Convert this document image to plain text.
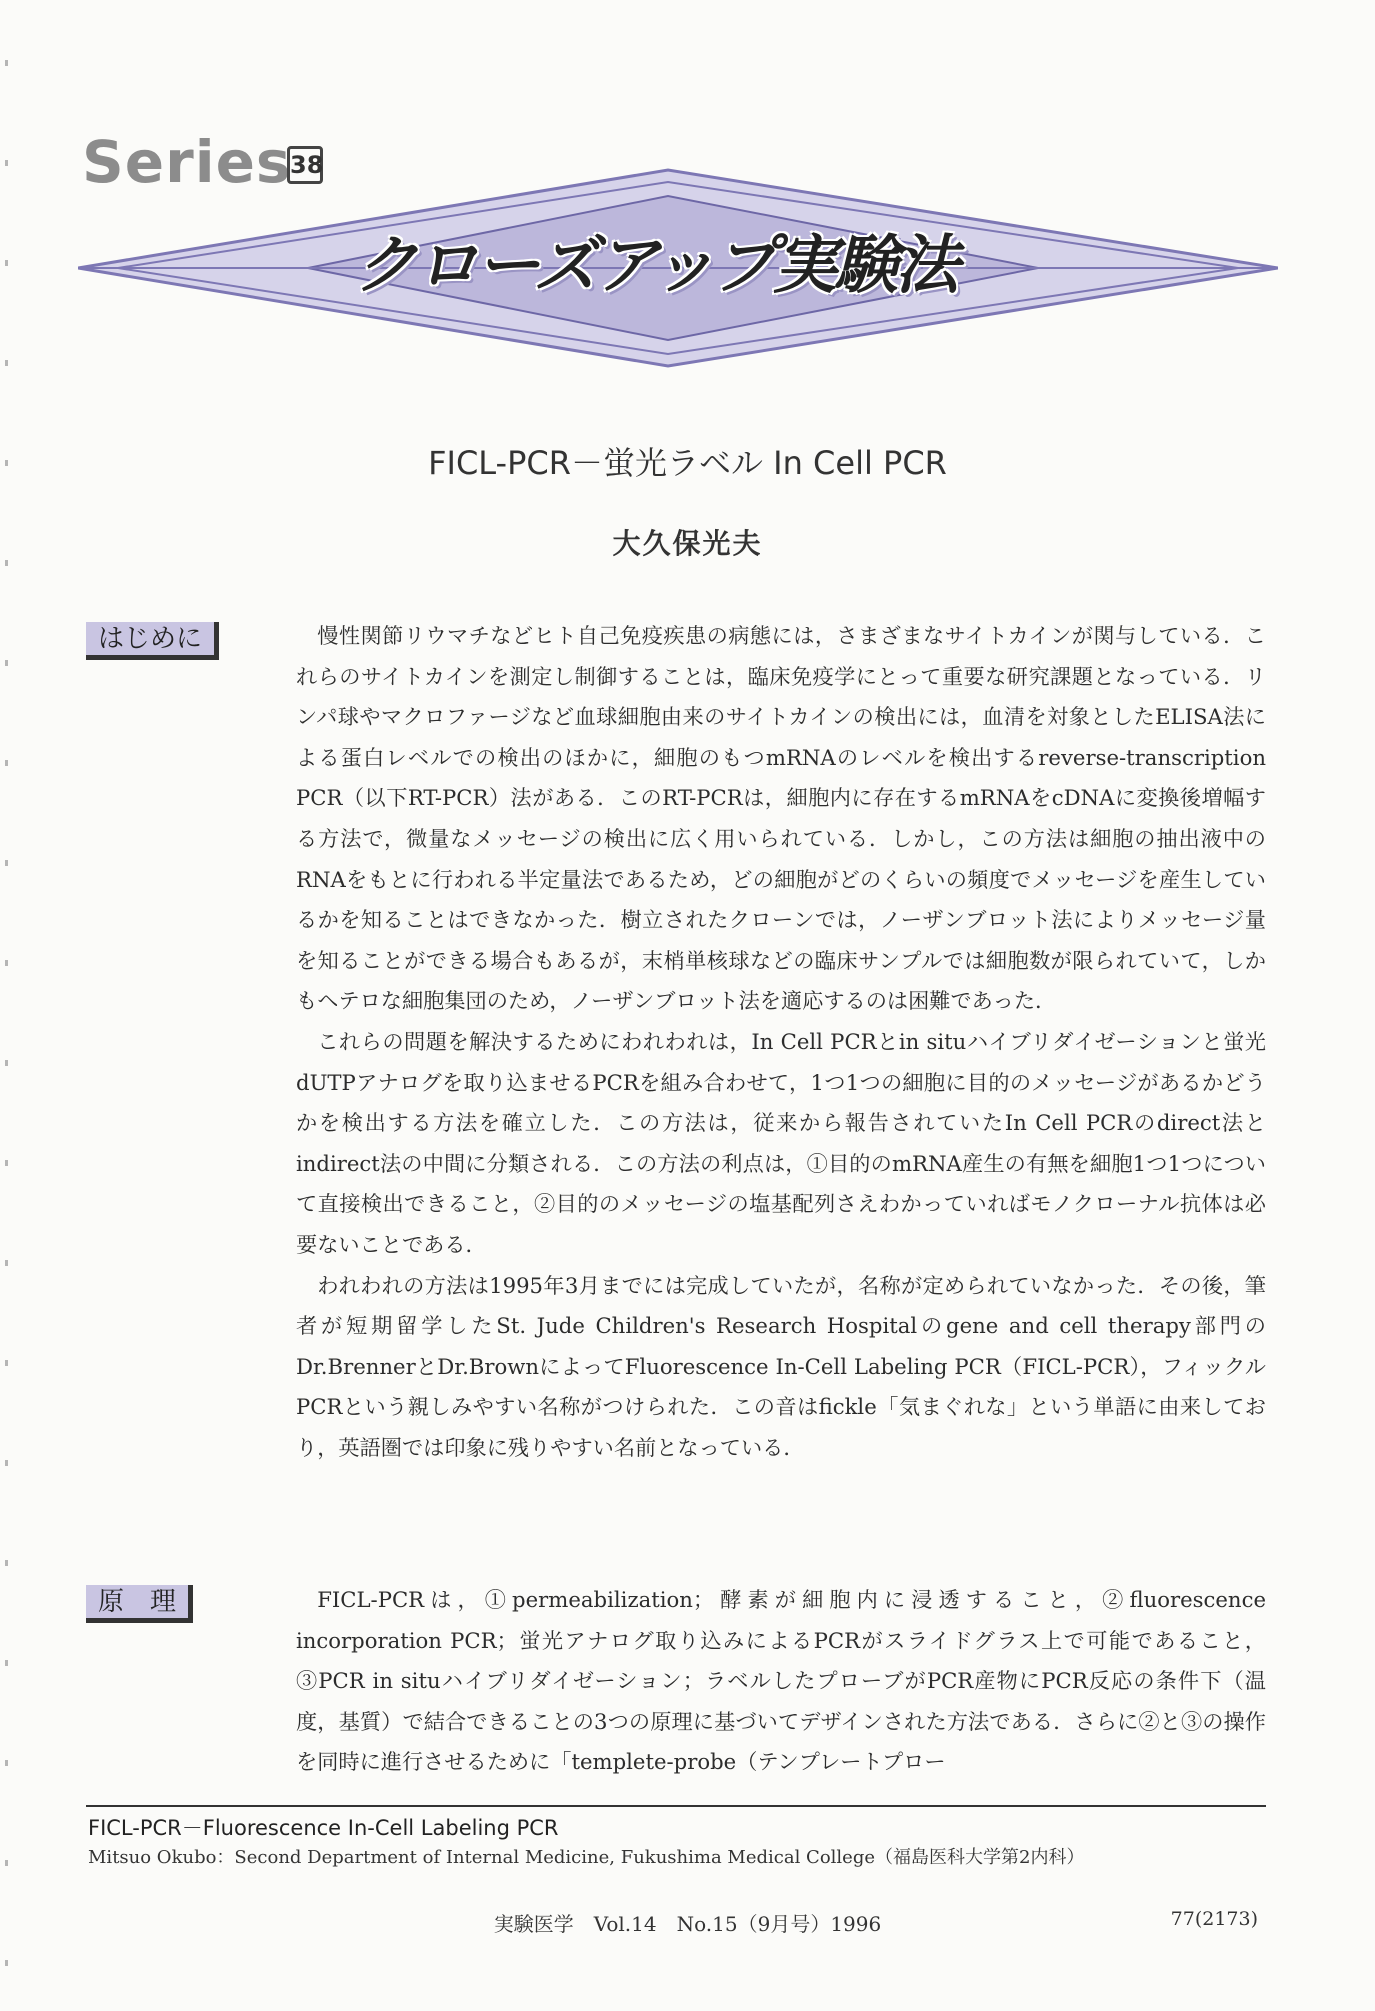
Series
38
クローズアップ実験法
FICL-PCR－蛍光ラベル In Cell PCR
大久保光夫
はじめに	慢性関節リウマチなどヒト自己免疫疾患の病態には，さまざまなサイトカインが関与している．これらのサイトカインを測定し制御することは，臨床免疫学にとって重要な研究課題となっている．リンパ球やマクロファージなど血球細胞由来のサイトカインの検出には，血清を対象としたELISA法による蛋白レベルでの検出のほかに，細胞のもつmRNAのレベルを検出するreverse-transcription PCR（以下RT-PCR）法がある．このRT-PCRは，細胞内に存在するmRNAをcDNAに変換後増幅する方法で，微量なメッセージの検出に広く用いられている．しかし，この方法は細胞の抽出液中のRNAをもとに行われる半定量法であるため，どの細胞がどのくらいの頻度でメッセージを産生しているかを知ることはできなかった．樹立されたクローンでは，ノーザンブロット法によりメッセージ量を知ることができる場合もあるが，末梢単核球などの臨床サンプルでは細胞数が限られていて，しかもヘテロな細胞集団のため，ノーザンブロット法を適応するのは困難であった．

これらの問題を解決するためにわれわれは，In Cell PCRとin situハイブリダイゼーションと蛍光dUTPアナログを取り込ませるPCRを組み合わせて，1つ1つの細胞に目的のメッセージがあるかどうかを検出する方法を確立した．この方法は，従来から報告されていたIn Cell PCRのdirect法とindirect法の中間に分類される．この方法の利点は，①目的のmRNA産生の有無を細胞1つ1つについて直接検出できること，②目的のメッセージの塩基配列さえわかっていればモノクローナル抗体は必要ないことである．

われわれの方法は1995年3月までには完成していたが，名称が定められていなかった．その後，筆者が短期留学したSt. Jude Children's Research Hospitalのgene and cell therapy部門のDr.BrennerとDr.BrownによってFluorescence In-Cell Labeling PCR（FICL-PCR），フィックルPCRという親しみやすい名称がつけられた．この音はfickle「気まぐれな」という単語に由来しており，英語圏では印象に残りやすい名前となっている．

原　理	FICL-PCRは，①permeabilization；酵素が細胞内に浸透すること，②fluorescence incorporation PCR；蛍光アナログ取り込みによるPCRがスライドグラス上で可能であること，③PCR in situハイブリダイゼーション；ラベルしたプローブがPCR産物にPCR反応の条件下（温度，基質）で結合できることの3つの原理に基づいてデザインされた方法である．さらに②と③の操作を同時に進行させるために「templete-probe（テンプレートプロー

FICL-PCR－Fluorescence In-Cell Labeling PCR
Mitsuo Okubo：Second Department of Internal Medicine, Fukushima Medical College（福島医科大学第2内科）
実験医学　Vol.14　No.15（9月号）1996	77(2173)
